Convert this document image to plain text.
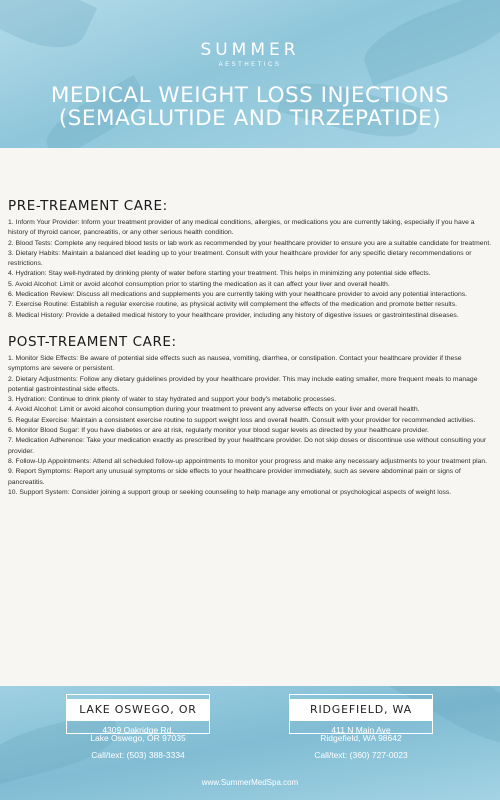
SUMMER
AESTHETICS
MEDICAL WEIGHT LOSS INJECTIONS
(SEMAGLUTIDE AND TIRZEPATIDE)
PRE-TREAMENT CARE:
1. Inform Your Provider: Inform your treatment provider of any medical conditions, allergies, or medications you are currently taking, especially if you have a history of thyroid cancer, pancreatitis, or any other serious health condition.
2. Blood Tests: Complete any required blood tests or lab work as recommended by your healthcare provider to ensure you are a suitable candidate for treatment.
3. Dietary Habits: Maintain a balanced diet leading up to your treatment. Consult with your healthcare provider for any specific dietary recommendations or restrictions.
4. Hydration: Stay well-hydrated by drinking plenty of water before starting your treatment. This helps in minimizing any potential side effects.
5. Avoid Alcohol: Limit or avoid alcohol consumption prior to starting the medication as it can affect your liver and overall health.
6. Medication Review: Discuss all medications and supplements you are currently taking with your healthcare provider to avoid any potential interactions.
7. Exercise Routine: Establish a regular exercise routine, as physical activity will complement the effects of the medication and promote better results.
8. Medical History: Provide a detailed medical history to your healthcare provider, including any history of digestive issues or gastrointestinal diseases.
POST-TREAMENT CARE:
1. Monitor Side Effects: Be aware of potential side effects such as nausea, vomiting, diarrhea, or constipation. Contact your healthcare provider if these symptoms are severe or persistent.
2. Dietary Adjustments: Follow any dietary guidelines provided by your healthcare provider. This may include eating smaller, more frequent meals to manage potential gastrointestinal side effects.
3. Hydration: Continue to drink plenty of water to stay hydrated and support your body's metabolic processes.
4. Avoid Alcohol: Limit or avoid alcohol consumption during your treatment to prevent any adverse effects on your liver and overall health.
5. Regular Exercise: Maintain a consistent exercise routine to support weight loss and overall health. Consult with your provider for recommended activities.
6. Monitor Blood Sugar: If you have diabetes or are at risk, regularly monitor your blood sugar levels as directed by your healthcare provider.
7. Medication Adherence: Take your medication exactly as prescribed by your healthcare provider. Do not skip doses or discontinue use without consulting your provider.
8. Follow-Up Appointments: Attend all scheduled follow-up appointments to monitor your progress and make any necessary adjustments to your treatment plan.
9. Report Symptoms: Report any unusual symptoms or side effects to your healthcare provider immediately, such as severe abdominal pain or signs of pancreatitis.
10. Support System: Consider joining a support group or seeking counseling to help manage any emotional or psychological aspects of weight loss.
LAKE OSWEGO, OR
4309 Oakridge Rd.
Lake Oswego, OR 97035
Call/text: (503) 388-3334
RIDGEFIELD, WA
411 N Main Ave
Ridgefield, WA 98642
Call/text: (360) 727-0023
www.SummerMedSpa.com
